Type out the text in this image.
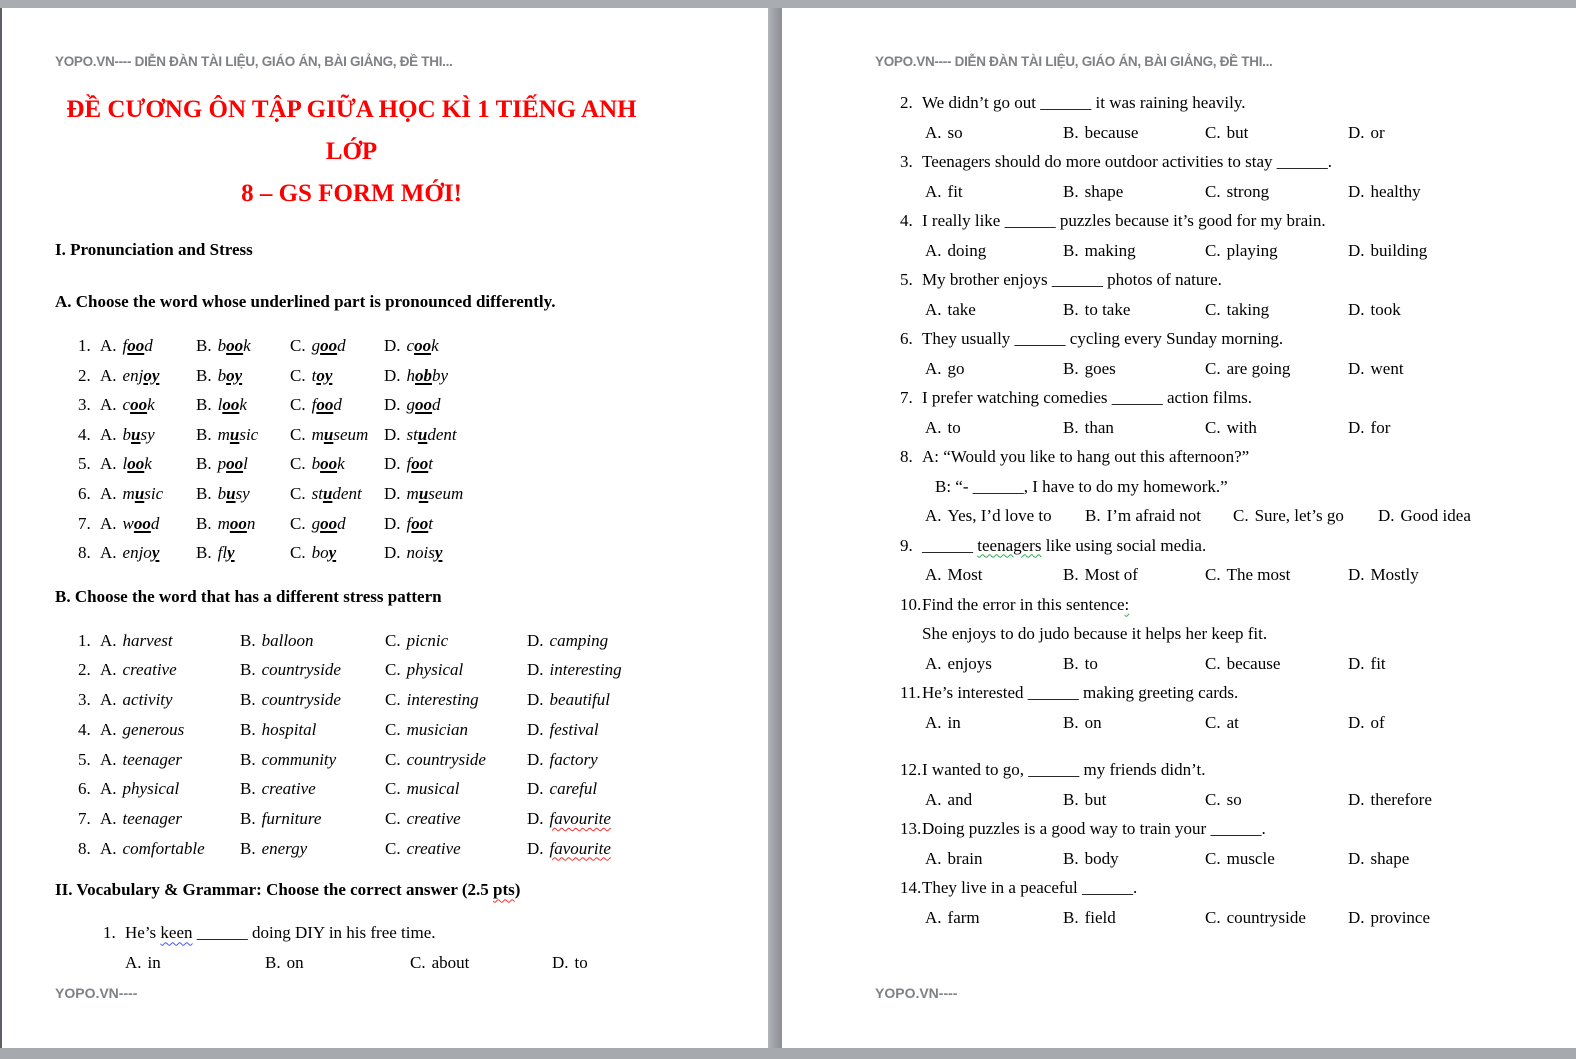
YOPO.VN---- DIỄN ĐÀN TÀI LIỆU, GIÁO ÁN, BÀI GIẢNG, ĐỀ THI...
ĐỀ CƯƠNG ÔN TẬP GIỮA HỌC KÌ 1 TIẾNG ANH LỚP
8 – GS FORM MỚI!

I. Pronunciation and Stress

A. Choose the word whose underlined part is pronounced differently.

1. A. food	B. book	C. good	D. cook
2. A. enjoy	B. boy	C. toy	D. hobby
3. A. cook	B. look	C. food	D. good
4. A. busy	B. music	C. museum D. student
5. A. look	B. pool	C. book	D. foot
6. A. music	B. busy	C. student	D. museum
7. A. wood	B. moon	C. good	D. foot
8. A. enjoy	B. fly	C. boy	D. noisy

B. Choose the word that has a different stress pattern

1. A. harvest	B. balloon	C. picnic	D. camping
2. A. creative	B. countryside	C. physical	D. interesting
3. A. activity	B. countryside	C. interesting	D. beautiful
4. A. generous	B. hospital	C. musician	D. festival
5. A. teenager	B. community	C. countryside	D. factory
6. A. physical	B. creative	C. musical	D. careful
7. A. teenager	B. furniture	C. creative	D. favourite
8. A. comfortable	B. energy	C. creative	D. favourite

II. Vocabulary & Grammar: Choose the correct answer (2.5 pts)

1. He’s keen ______ doing DIY in his free time.
A. in	B. on	C. about	D. to
YOPO.VN----
YOPO.VN---- DIỄN ĐÀN TÀI LIỆU, GIÁO ÁN, BÀI GIẢNG, ĐỀ THI...
2. We didn’t go out ______ it was raining heavily.
A. so	B. because	C. but	D. or
3. Teenagers should do more outdoor activities to stay ______.
A. fit	B. shape	C. strong	D. healthy
4. I really like ______ puzzles because it’s good for my brain.
A. doing	B. making	C. playing	D. building
5. My brother enjoys ______ photos of nature.
A. take	B. to take	C. taking	D. took
6. They usually ______ cycling every Sunday morning.
A. go	B. goes	C. are going	D. went
7. I prefer watching comedies ______ action films.
A. to	B. than	C. with	D. for
8. A: “Would you like to hang out this afternoon?”
B: “- ______, I have to do my homework.”
A. Yes, I’d love to	B. I’m afraid not	C. Sure, let’s go	D. Good idea
9. ______ teenagers like using social media.
A. Most	B. Most of	C. The most	D. Mostly
10.Find the error in this sentence:
She enjoys to do judo because it helps her keep fit.
A. enjoys	B. to	C. because	D. fit
11.He’s interested ______ making greeting cards.
A. in	B. on	C. at	D. of
12.I wanted to go, ______ my friends didn’t.
A. and	B. but	C. so	D. therefore
13.Doing puzzles is a good way to train your ______.
A. brain	B. body	C. muscle	D. shape
14.They live in a peaceful ______.
A. farm	B. field	C. countryside	D. province
YOPO.VN----
